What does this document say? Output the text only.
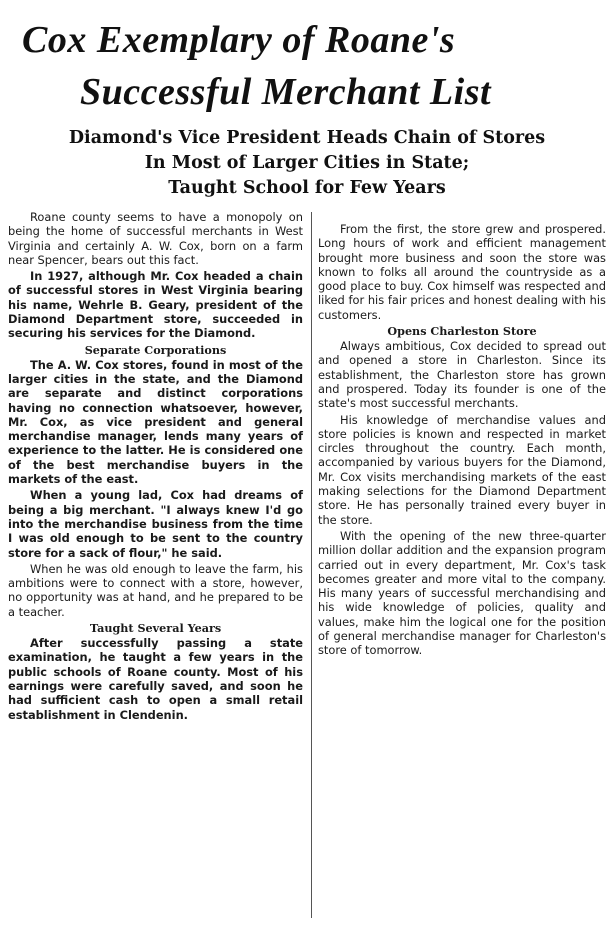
Cox Exemplary of Roane's
Successful Merchant List
Diamond's Vice President Heads Chain of Stores
In Most of Larger Cities in State;
Taught School for Few Years

Roane county seems to have a monopoly on being the home of successful merchants in West Virginia and certainly A. W. Cox, born on a farm near Spencer, bears out this fact.

In 1927, although Mr. Cox headed a chain of successful stores in West Virginia bearing his name, Wehrle B. Geary, president of the Diamond Department store, succeeded in securing his services for the Diamond.

Separate Corporations

The A. W. Cox stores, found in most of the larger cities in the state, and the Diamond are separate and distinct corporations having no connection whatsoever, however, Mr. Cox, as vice president and general merchandise manager, lends many years of experience to the latter. He is considered one of the best merchandise buyers in the markets of the east.

When a young lad, Cox had dreams of being a big merchant. "I always knew I'd go into the merchandise business from the time I was old enough to be sent to the country store for a sack of flour," he said.

When he was old enough to leave the farm, his ambitions were to connect with a store, however, no opportunity was at hand, and he prepared to be a teacher.

Taught Several Years

After successfully passing a state examination, he taught a few years in the public schools of Roane county. Most of his earnings were carefully saved, and soon he had sufficient cash to open a small retail establishment in Clendenin.

From the first, the store grew and prospered. Long hours of work and efficient management brought more business and soon the store was known to folks all around the countryside as a good place to buy. Cox himself was respected and liked for his fair prices and honest dealing with his customers.

Opens Charleston Store

Always ambitious, Cox decided to spread out and opened a store in Charleston. Since its establishment, the Charleston store has grown and prospered. Today its founder is one of the state's most successful merchants.

His knowledge of merchandise values and store policies is known and respected in market circles throughout the country. Each month, accompanied by various buyers for the Diamond, Mr. Cox visits merchandising markets of the east making selections for the Diamond Department store. He has personally trained every buyer in the store.

With the opening of the new three-quarter million dollar addition and the expansion program carried out in every department, Mr. Cox's task becomes greater and more vital to the company. His many years of successful merchandising and his wide knowledge of policies, quality and values, make him the logical one for the position of general merchandise manager for Charleston's store of tomorrow.
